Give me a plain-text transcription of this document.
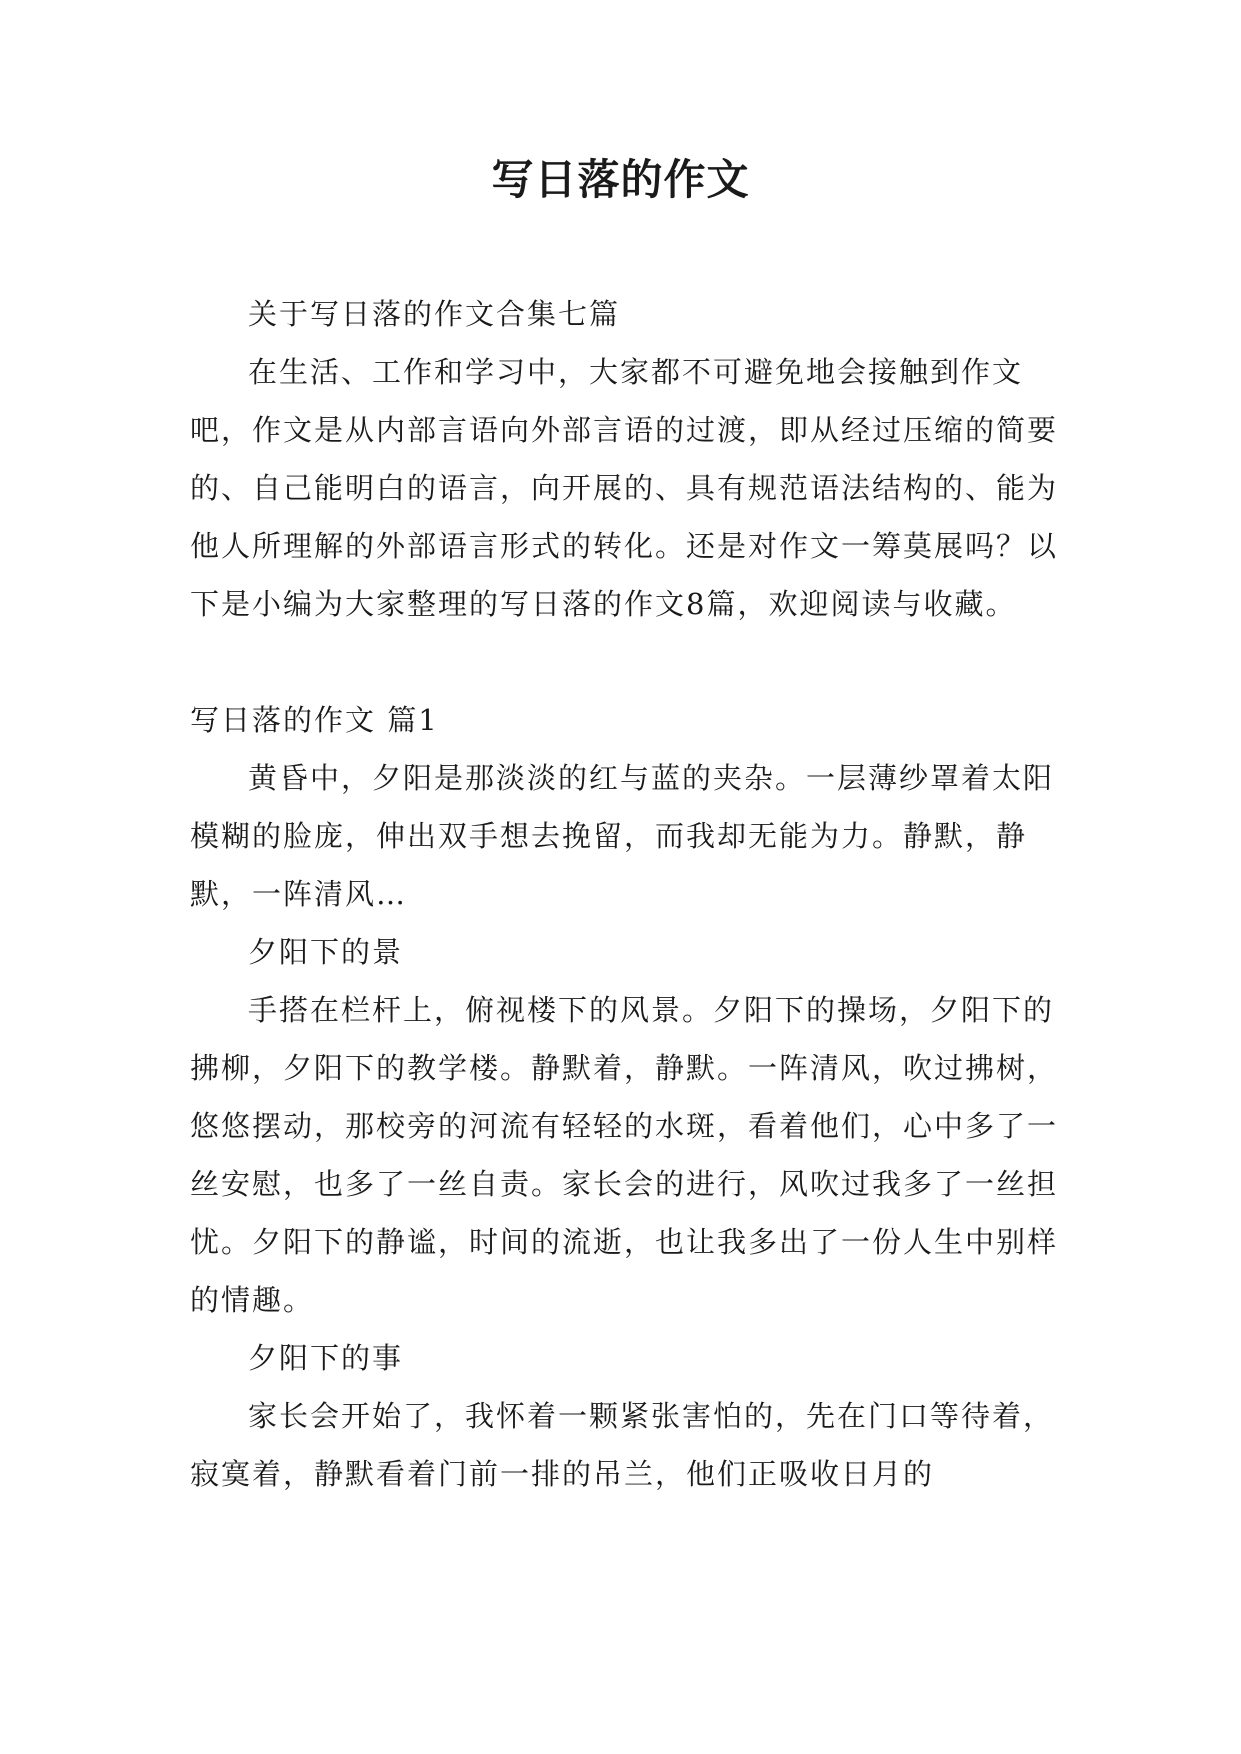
写日落的作文

关于写日落的作文合集七篇

在生活、工作和学习中，大家都不可避免地会接触到作文吧，作文是从内部言语向外部言语的过渡，即从经过压缩的简要的、自己能明白的语言，向开展的、具有规范语法结构的、能为他人所理解的外部语言形式的转化。还是对作文一筹莫展吗？以下是小编为大家整理的写日落的作文8篇，欢迎阅读与收藏。

写日落的作文 篇1

黄昏中，夕阳是那淡淡的红与蓝的夹杂。一层薄纱罩着太阳模糊的脸庞，伸出双手想去挽留，而我却无能为力。静默，静默，一阵清风…

夕阳下的景

手搭在栏杆上，俯视楼下的风景。夕阳下的操场，夕阳下的拂柳，夕阳下的教学楼。静默着，静默。一阵清风，吹过拂树，悠悠摆动，那校旁的河流有轻轻的水斑，看着他们，心中多了一丝安慰，也多了一丝自责。家长会的进行，风吹过我多了一丝担忧。夕阳下的静谧，时间的流逝，也让我多出了一份人生中别样的情趣。

夕阳下的事

家长会开始了，我怀着一颗紧张害怕的，先在门口等待着，寂寞着，静默看着门前一排的吊兰，他们正吸收日月的
